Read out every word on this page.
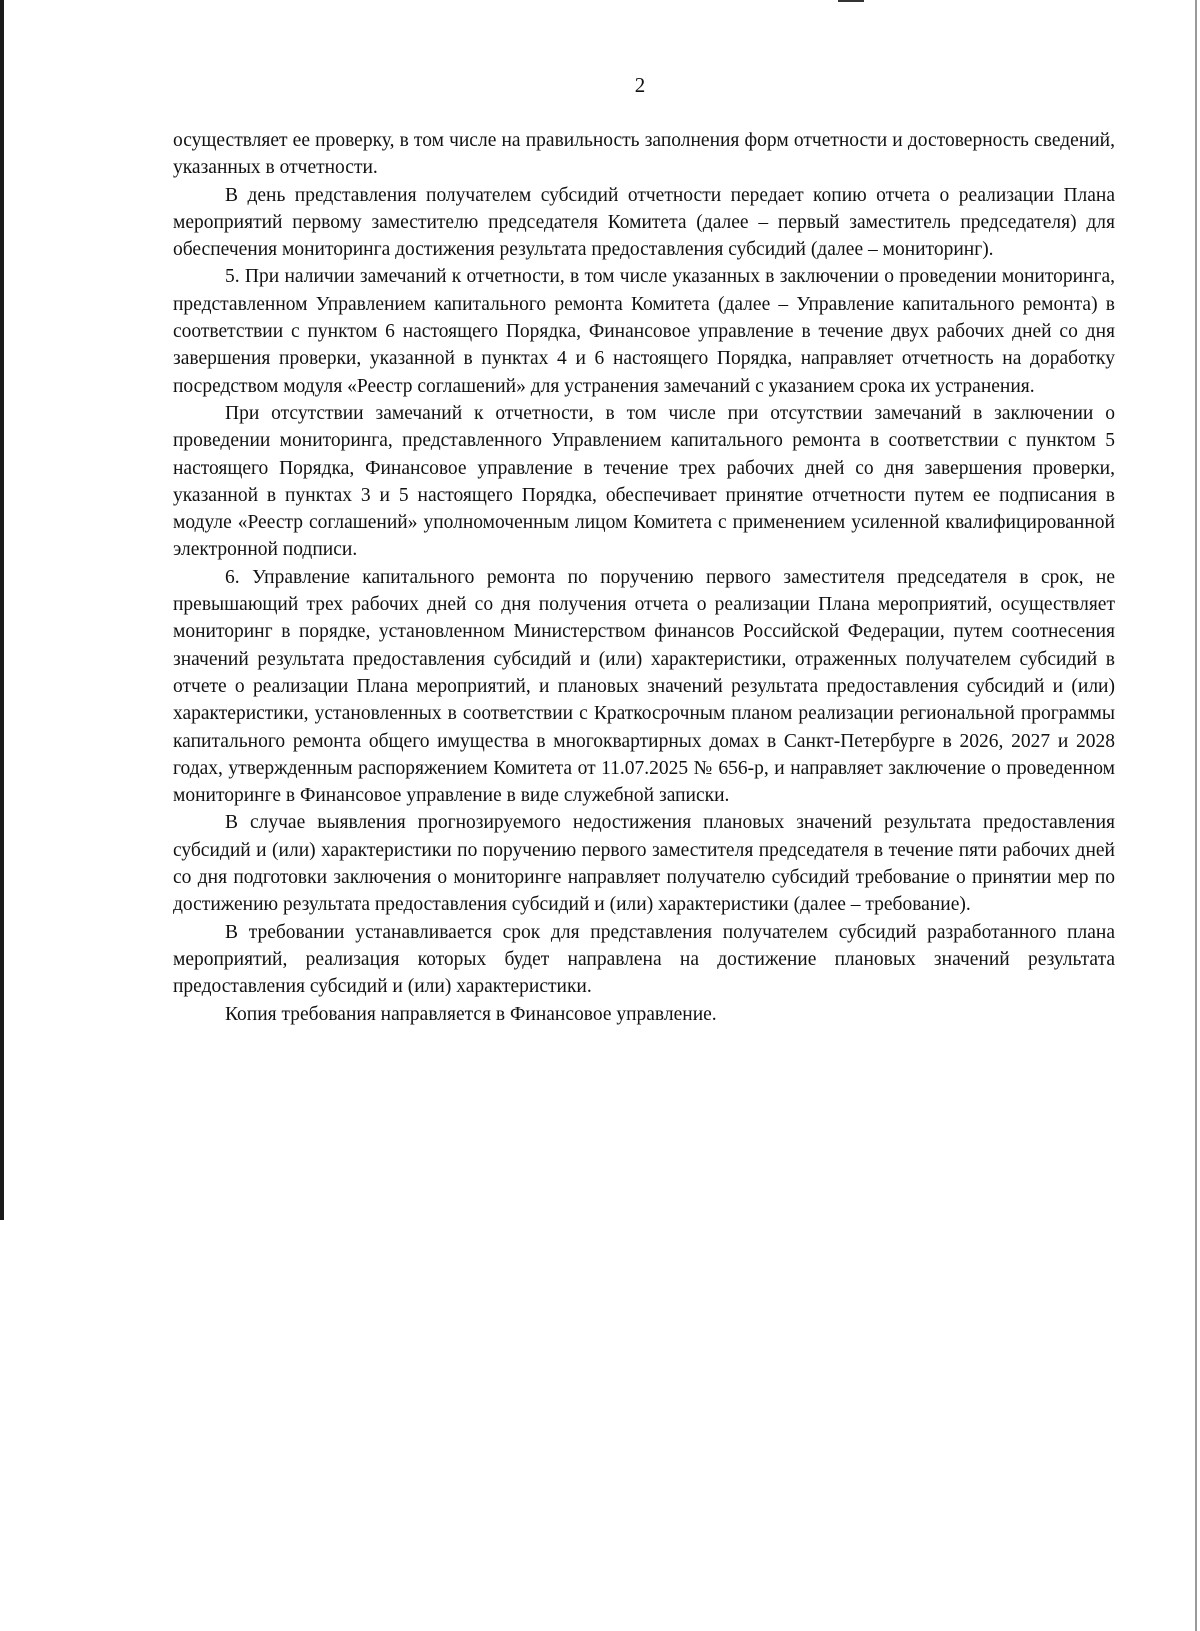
2

осуществляет ее проверку, в том числе на правильность заполнения форм отчетности и достоверность сведений, указанных в отчетности.

В день представления получателем субсидий отчетности передает копию отчета о реализации Плана мероприятий первому заместителю председателя Комитета (далее – первый заместитель председателя) для обеспечения мониторинга достижения результата предоставления субсидий (далее – мониторинг).

5. При наличии замечаний к отчетности, в том числе указанных в заключении о проведении мониторинга, представленном Управлением капитального ремонта Комитета (далее – Управление капитального ремонта) в соответствии с пунктом 6 настоящего Порядка, Финансовое управление в течение двух рабочих дней со дня завершения проверки, указанной в пунктах 4 и 6 настоящего Порядка, направляет отчетность на доработку посредством модуля «Реестр соглашений» для устранения замечаний с указанием срока их устранения.

При отсутствии замечаний к отчетности, в том числе при отсутствии замечаний в заключении о проведении мониторинга, представленного Управлением капитального ремонта в соответствии с пунктом 5 настоящего Порядка, Финансовое управление в течение трех рабочих дней со дня завершения проверки, указанной в пунктах 3 и 5 настоящего Порядка, обеспечивает принятие отчетности путем ее подписания в модуле «Реестр соглашений» уполномоченным лицом Комитета с применением усиленной квалифицированной электронной подписи.

6. Управление капитального ремонта по поручению первого заместителя председателя в срок, не превышающий трех рабочих дней со дня получения отчета о реализации Плана мероприятий, осуществляет мониторинг в порядке, установленном Министерством финансов Российской Федерации, путем соотнесения значений результата предоставления субсидий и (или) характеристики, отраженных получателем субсидий в отчете о реализации Плана мероприятий, и плановых значений результата предоставления субсидий и (или) характеристики, установленных в соответствии с Краткосрочным планом реализации региональной программы капитального ремонта общего имущества в многоквартирных домах в Санкт-Петербурге в 2026, 2027 и 2028 годах, утвержденным распоряжением Комитета от 11.07.2025 № 656-р, и направляет заключение о проведенном мониторинге в Финансовое управление в виде служебной записки.

В случае выявления прогнозируемого недостижения плановых значений результата предоставления субсидий и (или) характеристики по поручению первого заместителя председателя в течение пяти рабочих дней со дня подготовки заключения о мониторинге направляет получателю субсидий требование о принятии мер по достижению результата предоставления субсидий и (или) характеристики (далее – требование).

В требовании устанавливается срок для представления получателем субсидий разработанного плана мероприятий, реализация которых будет направлена на достижение плановых значений результата предоставления субсидий и (или) характеристики.

Копия требования направляется в Финансовое управление.
